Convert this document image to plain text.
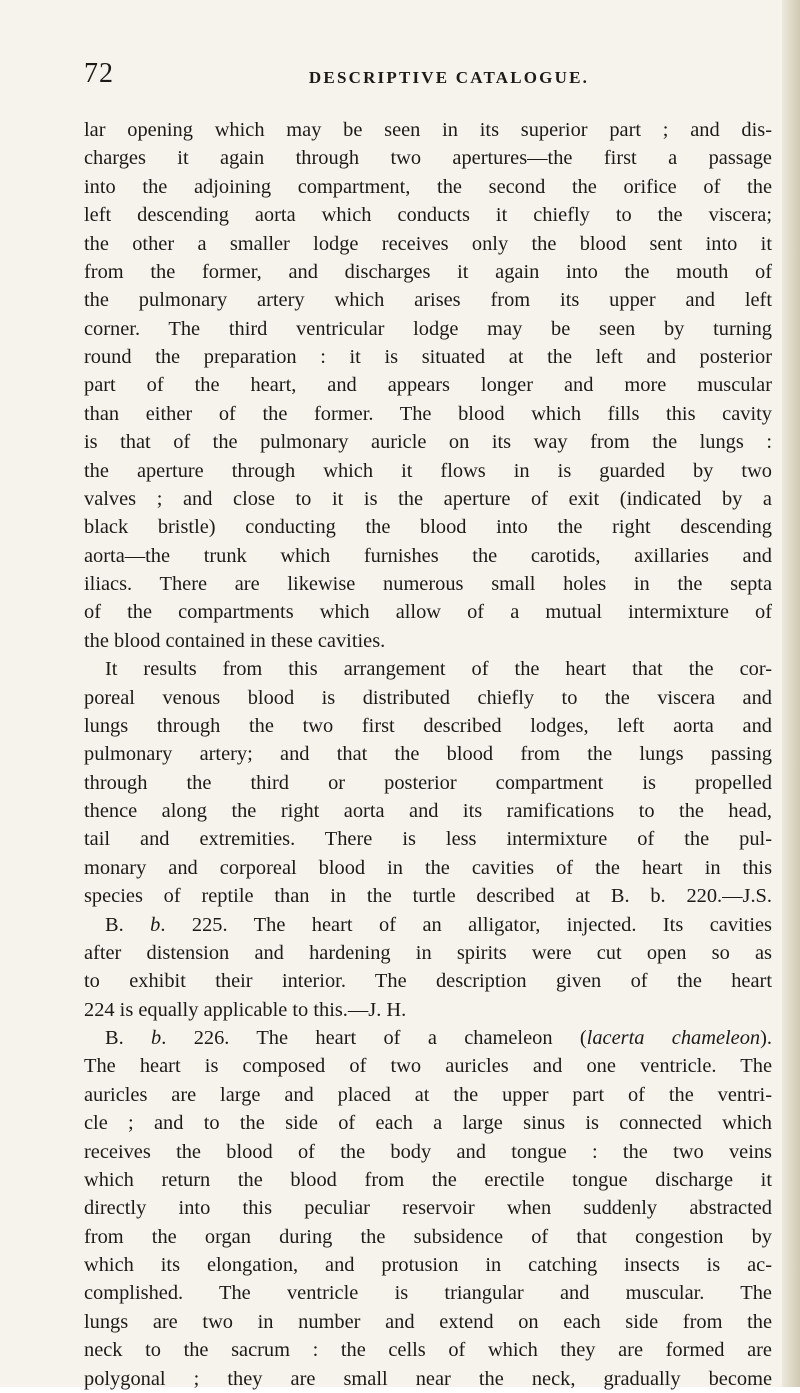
72	DESCRIPTIVE CATALOGUE.
lar opening which may be seen in its superior part ; and dis-
charges it again through two apertures—the first a passage
into the adjoining compartment, the second the orifice of the
left descending aorta which conducts it chiefly to the viscera;
the other a smaller lodge receives only the blood sent into it
from the former, and discharges it again into the mouth of
the pulmonary artery which arises from its upper and left
corner. The third ventricular lodge may be seen by turning
round the preparation : it is situated at the left and posterior
part of the heart, and appears longer and more muscular
than either of the former. The blood which fills this cavity
is that of the pulmonary auricle on its way from the lungs :
the aperture through which it flows in is guarded by two
valves ; and close to it is the aperture of exit (indicated by a
black bristle) conducting the blood into the right descending
aorta—the trunk which furnishes the carotids, axillaries and
iliacs. There are likewise numerous small holes in the septa
of the compartments which allow of a mutual intermixture of
the blood contained in these cavities.
It results from this arrangement of the heart that the cor-
poreal venous blood is distributed chiefly to the viscera and
lungs through the two first described lodges, left aorta and
pulmonary artery; and that the blood from the lungs passing
through the third or posterior compartment is propelled
thence along the right aorta and its ramifications to the head,
tail and extremities. There is less intermixture of the pul-
monary and corporeal blood in the cavities of the heart in this
species of reptile than in the turtle described at B. b. 220.—J.S.
B. b. 225. The heart of an alligator, injected. Its cavities
after distension and hardening in spirits were cut open so as
to exhibit their interior. The description given of the heart
224 is equally applicable to this.—J. H.
B. b. 226. The heart of a chameleon (lacerta chameleon).
The heart is composed of two auricles and one ventricle. The
auricles are large and placed at the upper part of the ventri-
cle ; and to the side of each a large sinus is connected which
receives the blood of the body and tongue : the two veins
which return the blood from the erectile tongue discharge it
directly into this peculiar reservoir when suddenly abstracted
from the organ during the subsidence of that congestion by
which its elongation, and protusion in catching insects is ac-
complished. The ventricle is triangular and muscular. The
lungs are two in number and extend on each side from the
neck to the sacrum : the cells of which they are formed are
polygonal ; they are small near the neck, gradually become
